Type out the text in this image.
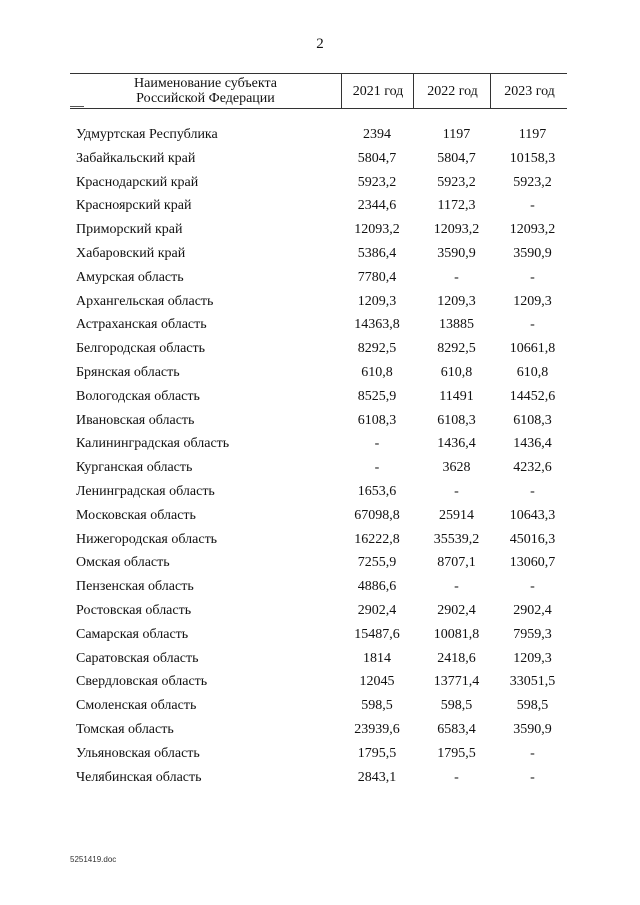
2
Наименование субъекта
Российской Федерации	2021 год	2022 год	2023 год
Удмуртская Республика	2394	1197	1197
Забайкальский край	5804,7	5804,7	10158,3
Краснодарский край	5923,2	5923,2	5923,2
Красноярский край	2344,6	1172,3	-
Приморский край	12093,2	12093,2	12093,2
Хабаровский край	5386,4	3590,9	3590,9
Амурская область	7780,4	-	-
Архангельская область	1209,3	1209,3	1209,3
Астраханская область	14363,8	13885	-
Белгородская область	8292,5	8292,5	10661,8
Брянская область	610,8	610,8	610,8
Вологодская область	8525,9	11491	14452,6
Ивановская область	6108,3	6108,3	6108,3
Калининградская область	-	1436,4	1436,4
Курганская область	-	3628	4232,6
Ленинградская область	1653,6	-	-
Московская область	67098,8	25914	10643,3
Нижегородская область	16222,8	35539,2	45016,3
Омская область	7255,9	8707,1	13060,7
Пензенская область	4886,6	-	-
Ростовская область	2902,4	2902,4	2902,4
Самарская область	15487,6	10081,8	7959,3
Саратовская область	1814	2418,6	1209,3
Свердловская область	12045	13771,4	33051,5
Смоленская область	598,5	598,5	598,5
Томская область	23939,6	6583,4	3590,9
Ульяновская область	1795,5	1795,5	-
Челябинская область	2843,1	-	-
5251419.doc
